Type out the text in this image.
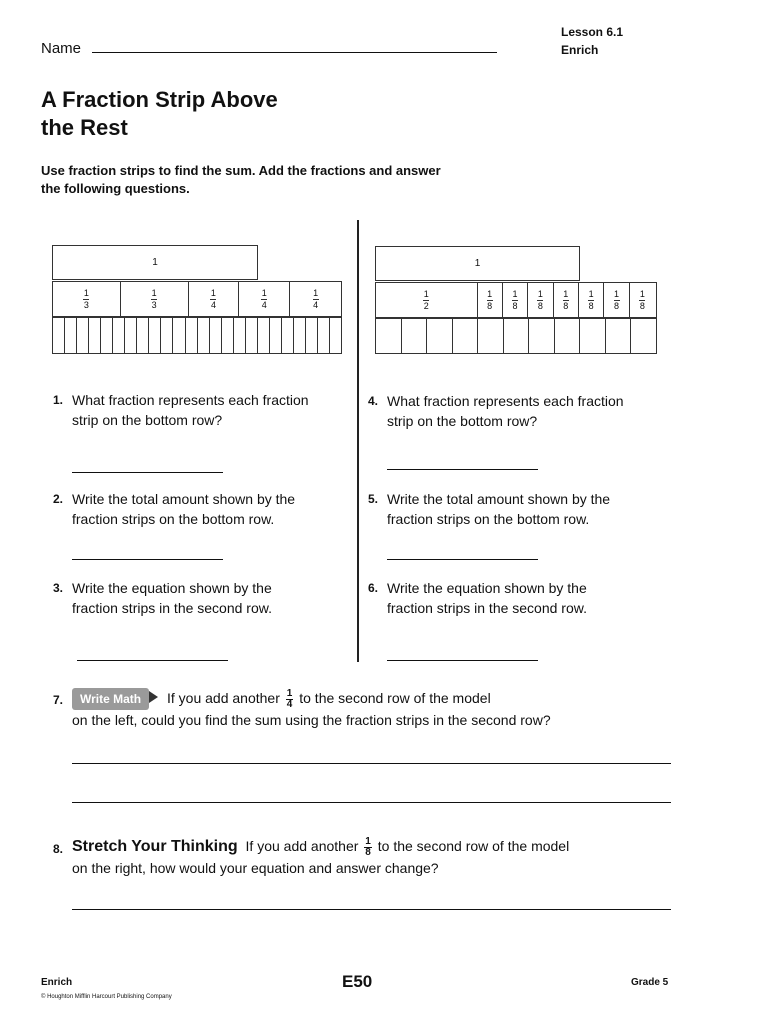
Name
Lesson 6.1
Enrich
A Fraction Strip Above
the Rest
Use fraction strips to find the sum. Add the fractions and answer
the following questions.
1
$\frac{1}{3} \frac{1}{3} \frac{1}{4} \frac{1}{4} \frac{1}{4}$
1
$\frac{1}{2} \frac{1}{8} \frac{1}{8} \frac{1}{8} \frac{1}{8} \frac{1}{8} \frac{1}{8} \frac{1}{8}$
1. What fraction represents each fraction
strip on the bottom row?
2. Write the total amount shown by the
fraction strips on the bottom row.
3. Write the equation shown by the
fraction strips in the second row.
4. What fraction represents each fraction
strip on the bottom row?
5. Write the total amount shown by the
fraction strips on the bottom row.
6. Write the equation shown by the
fraction strips in the second row.
7.	Write Math If you add another $\frac{1}{4}$ to the second row of the model
on the left, could you find the sum using the fraction strips in the second row?
8. Stretch Your Thinking If you add another $\frac{1}{8}$ to the second row of the model
on the right, how would your equation and answer change?
Enrich
© Houghton Mifflin Harcourt Publishing Company
E50	Grade 5
